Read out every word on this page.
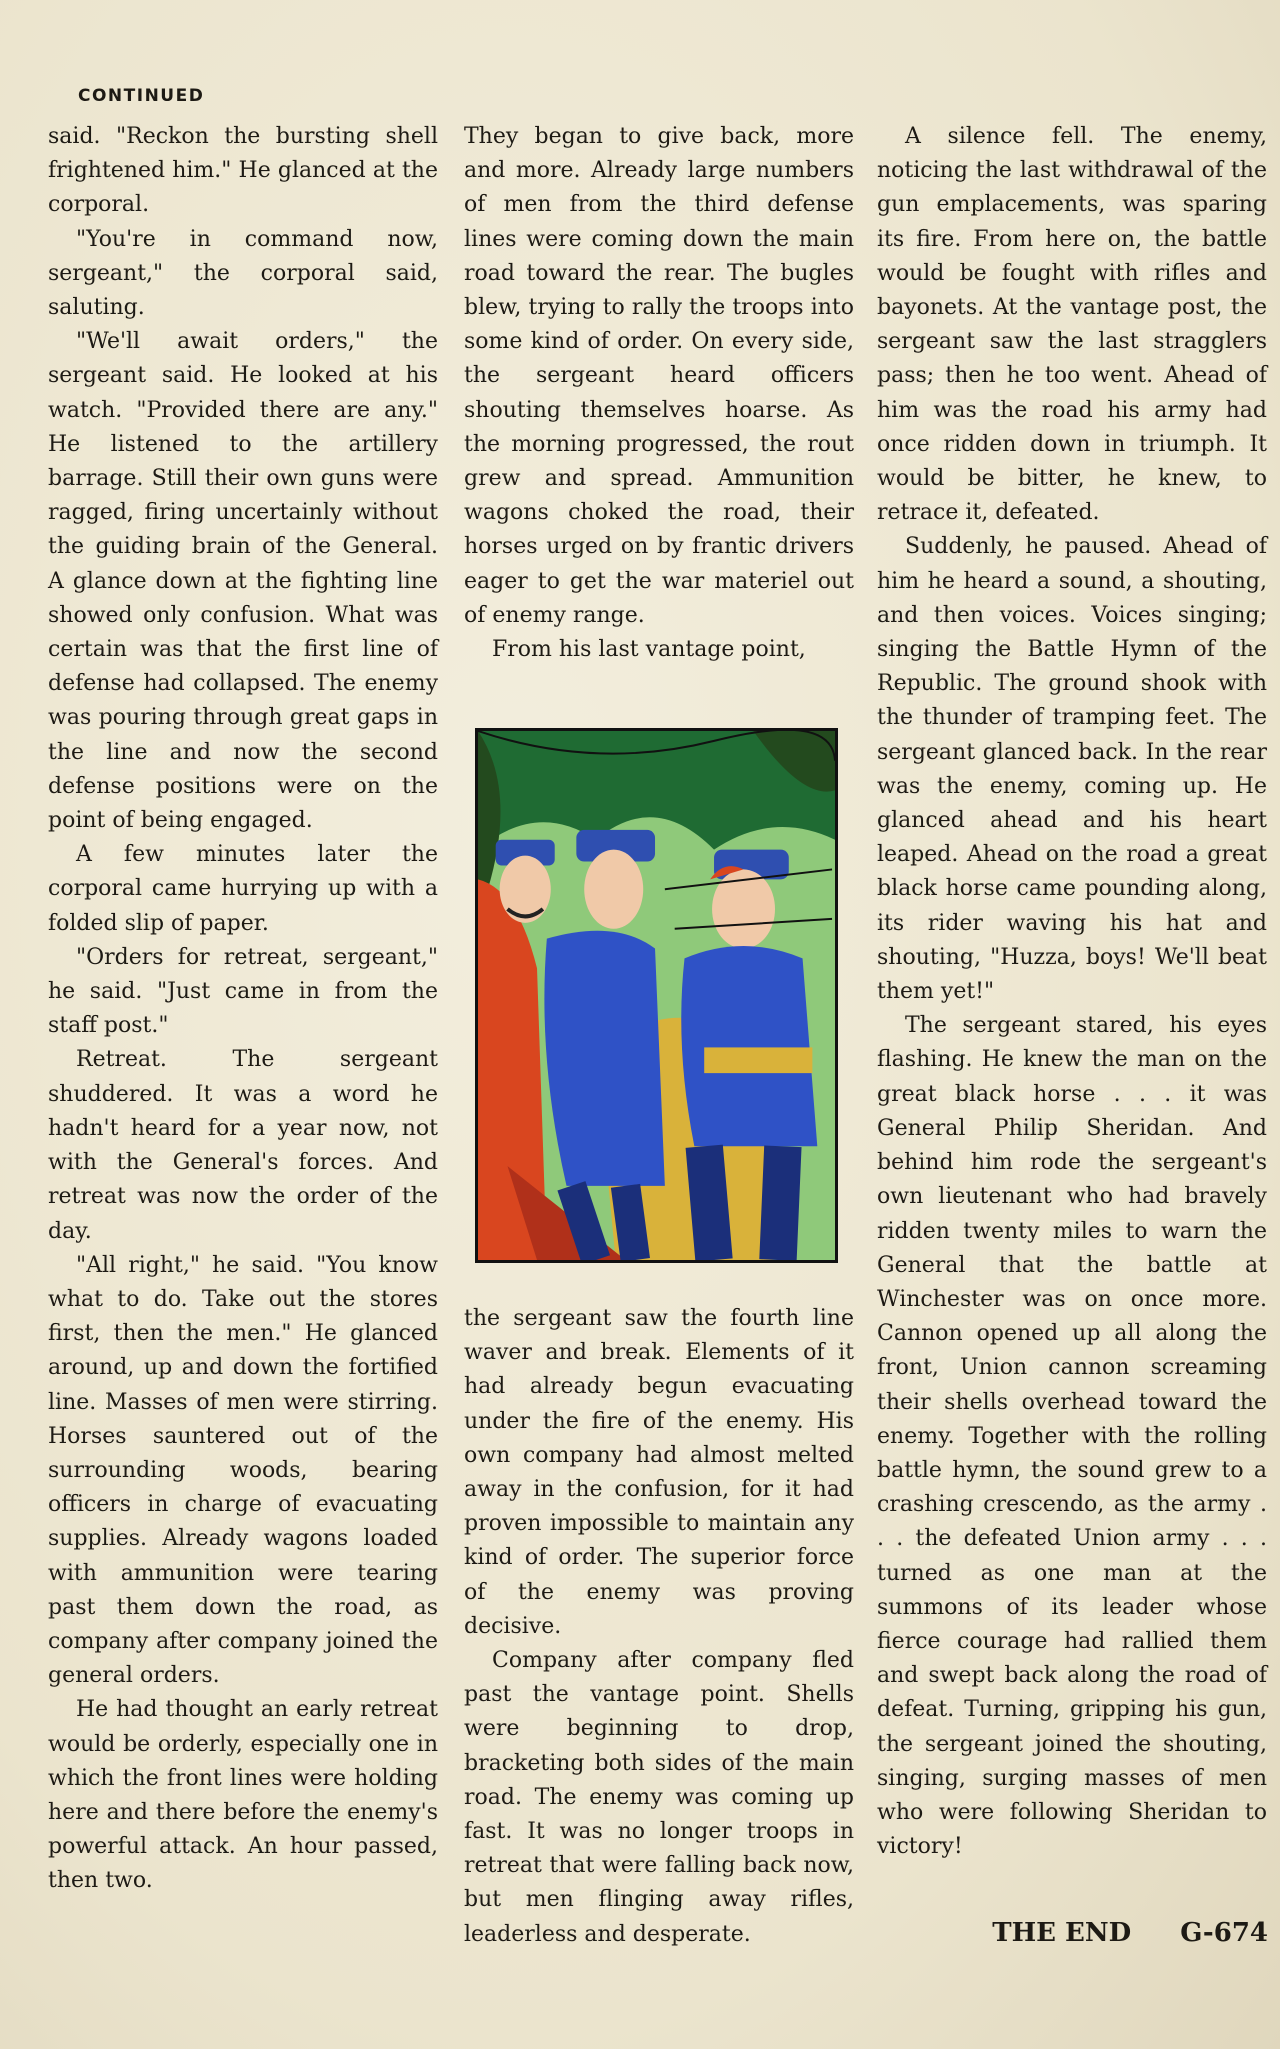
CONTINUED

said. "Reckon the bursting shell frightened him." He glanced at the corporal.

"You're in command now, sergeant," the corporal said, saluting.

"We'll await orders," the sergeant said. He looked at his watch. "Provided there are any." He listened to the artillery barrage. Still their own guns were ragged, firing uncertainly without the guiding brain of the General. A glance down at the fighting line showed only confusion. What was certain was that the first line of defense had collapsed. The enemy was pouring through great gaps in the line and now the second defense positions were on the point of being engaged.

A few minutes later the corporal came hurrying up with a folded slip of paper.

"Orders for retreat, sergeant," he said. "Just came in from the staff post."

Retreat. The sergeant shuddered. It was a word he hadn't heard for a year now, not with the General's forces. And retreat was now the order of the day.

"All right," he said. "You know what to do. Take out the stores first, then the men." He glanced around, up and down the fortified line. Masses of men were stirring. Horses sauntered out of the surrounding woods, bearing officers in charge of evacuating supplies. Already wagons loaded with ammunition were tearing past them down the road, as company after company joined the general orders.

He had thought an early retreat would be orderly, especially one in which the front lines were holding here and there before the enemy's powerful attack. An hour passed, then two.

They began to give back, more and more. Already large numbers of men from the third defense lines were coming down the main road toward the rear. The bugles blew, trying to rally the troops into some kind of order. On every side, the sergeant heard officers shouting themselves hoarse. As the morning progressed, the rout grew and spread. Ammunition wagons choked the road, their horses urged on by frantic drivers eager to get the war materiel out of enemy range.

From his last vantage point,

the sergeant saw the fourth line waver and break. Elements of it had already begun evacuating under the fire of the enemy. His own company had almost melted away in the confusion, for it had proven impossible to maintain any kind of order. The superior force of the enemy was proving decisive.

Company after company fled past the vantage point. Shells were beginning to drop, bracketing both sides of the main road. The enemy was coming up fast. It was no longer troops in retreat that were falling back now, but men flinging away rifles, leaderless and desperate.

A silence fell. The enemy, noticing the last withdrawal of the gun emplacements, was sparing its fire. From here on, the battle would be fought with rifles and bayonets. At the vantage post, the sergeant saw the last stragglers pass; then he too went. Ahead of him was the road his army had once ridden down in triumph. It would be bitter, he knew, to retrace it, defeated.

Suddenly, he paused. Ahead of him he heard a sound, a shouting, and then voices. Voices singing; singing the Battle Hymn of the Republic. The ground shook with the thunder of tramping feet. The sergeant glanced back. In the rear was the enemy, coming up. He glanced ahead and his heart leaped. Ahead on the road a great black horse came pounding along, its rider waving his hat and shouting, "Huzza, boys! We'll beat them yet!"

The sergeant stared, his eyes flashing. He knew the man on the great black horse . . . it was General Philip Sheridan. And behind him rode the sergeant's own lieutenant who had bravely ridden twenty miles to warn the General that the battle at Winchester was on once more. Cannon opened up all along the front, Union cannon screaming their shells overhead toward the enemy. Together with the rolling battle hymn, the sound grew to a crashing crescendo, as the army . . . the defeated Union army . . . turned as one man at the summons of its leader whose fierce courage had rallied them and swept back along the road of defeat. Turning, gripping his gun, the sergeant joined the shouting, singing, surging masses of men who were following Sheridan to victory!

THE END G-674
